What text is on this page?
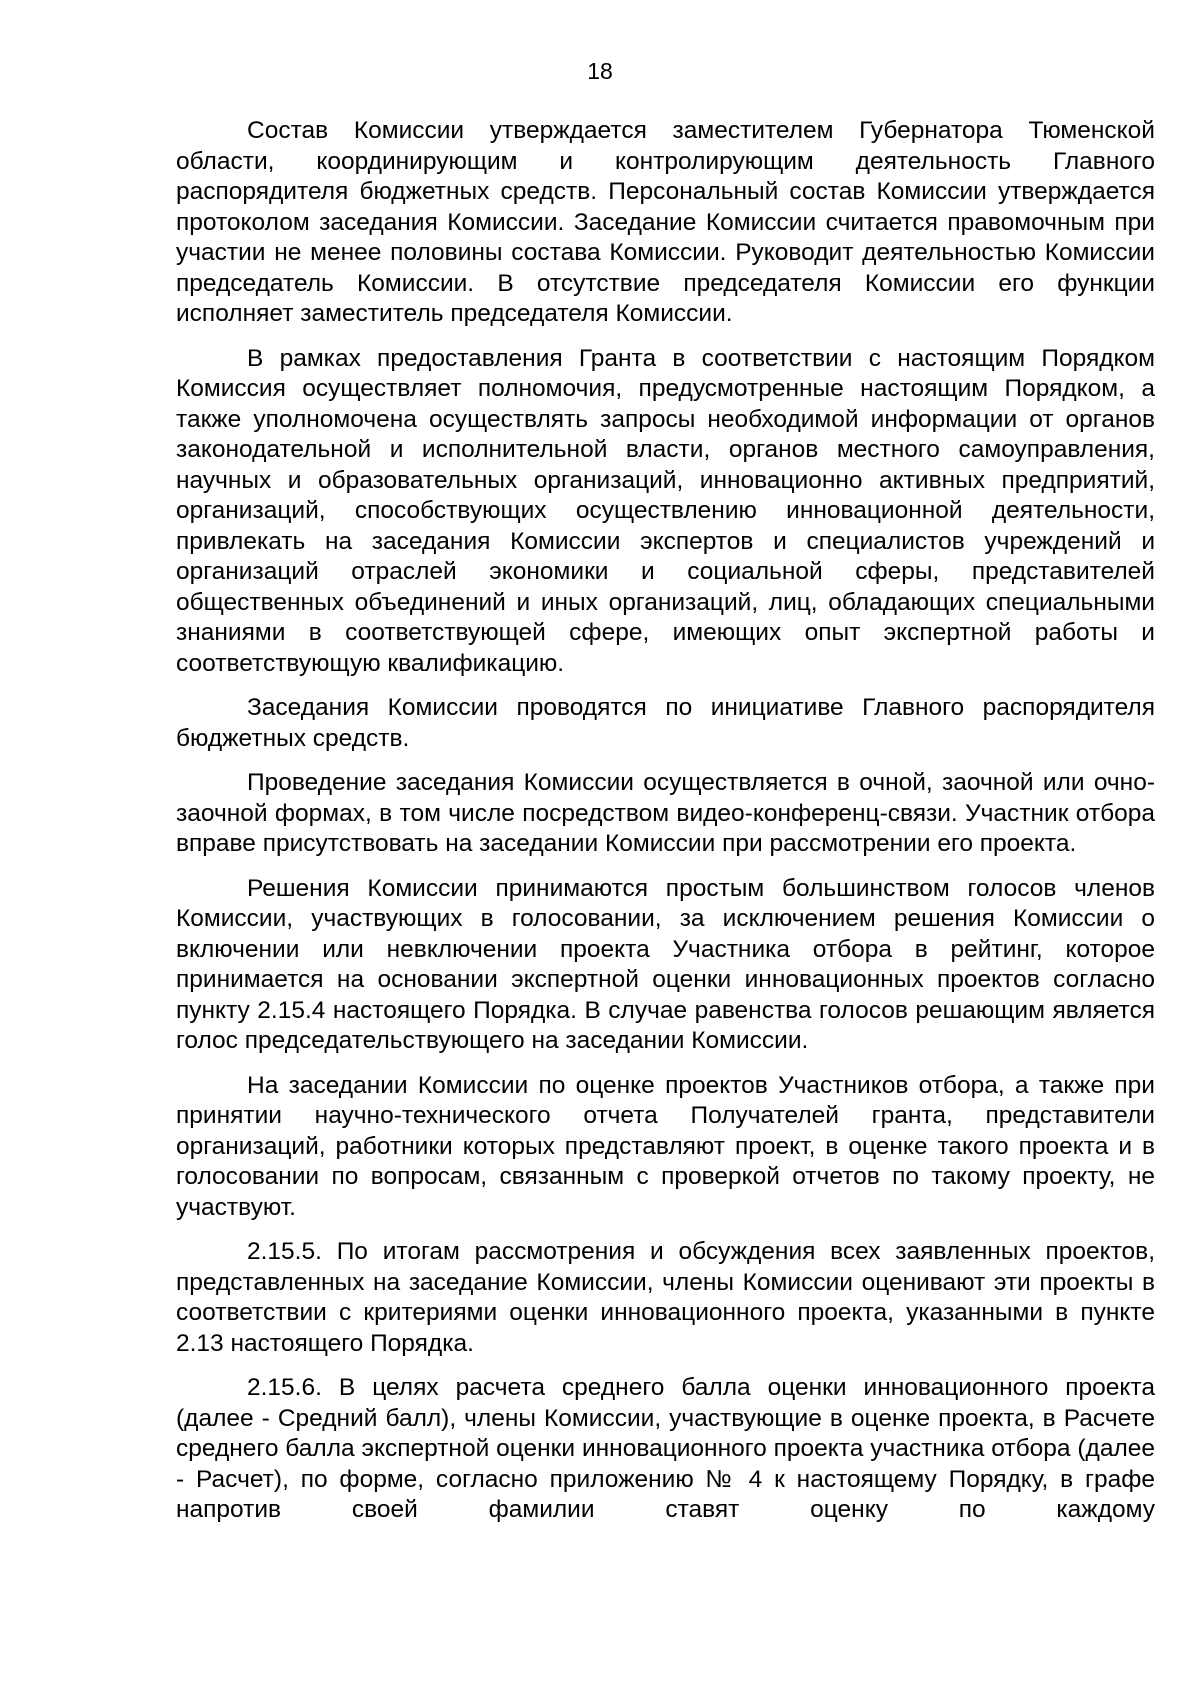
18

Состав Комиссии утверждается заместителем Губернатора Тюменской области, координирующим и контролирующим деятельность Главного распорядителя бюджетных средств. Персональный состав Комиссии утверждается протоколом заседания Комиссии. Заседание Комиссии считается правомочным при участии не менее половины состава Комиссии. Руководит деятельностью Комиссии председатель Комиссии. В отсутствие председателя Комиссии его функции исполняет заместитель председателя Комиссии.

В рамках предоставления Гранта в соответствии с настоящим Порядком Комиссия осуществляет полномочия, предусмотренные настоящим Порядком, а также уполномочена осуществлять запросы необходимой информации от органов законодательной и исполнительной власти, органов местного самоуправления, научных и образовательных организаций, инновационно активных предприятий, организаций, способствующих осуществлению инновационной деятельности, привлекать на заседания Комиссии экспертов и специалистов учреждений и организаций отраслей экономики и социальной сферы, представителей общественных объединений и иных организаций, лиц, обладающих специальными знаниями в соответствующей сфере, имеющих опыт экспертной работы и соответствующую квалификацию.

Заседания Комиссии проводятся по инициативе Главного распорядителя бюджетных средств.

Проведение заседания Комиссии осуществляется в очной, заочной или очно-заочной формах, в том числе посредством видео-конференц-связи. Участник отбора вправе присутствовать на заседании Комиссии при рассмотрении его проекта.

Решения Комиссии принимаются простым большинством голосов членов Комиссии, участвующих в голосовании, за исключением решения Комиссии о включении или невключении проекта Участника отбора в рейтинг, которое принимается на основании экспертной оценки инновационных проектов согласно пункту 2.15.4 настоящего Порядка. В случае равенства голосов решающим является голос председательствующего на заседании Комиссии.

На заседании Комиссии по оценке проектов Участников отбора, а также при принятии научно-технического отчета Получателей гранта, представители организаций, работники которых представляют проект, в оценке такого проекта и в голосовании по вопросам, связанным с проверкой отчетов по такому проекту, не участвуют.

2.15.5. По итогам рассмотрения и обсуждения всех заявленных проектов, представленных на заседание Комиссии, члены Комиссии оценивают эти проекты в соответствии с критериями оценки инновационного проекта, указанными в пункте 2.13 настоящего Порядка.

2.15.6. В целях расчета среднего балла оценки инновационного проекта (далее - Средний балл), члены Комиссии, участвующие в оценке проекта, в Расчете среднего балла экспертной оценки инновационного проекта участника отбора (далее - Расчет), по форме, согласно приложению № 4 к настоящему Порядку, в графе напротив своей фамилии ставят оценку по каждому
